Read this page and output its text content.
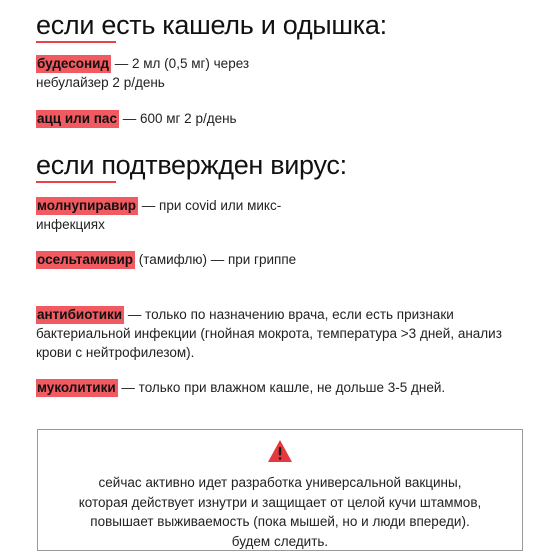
если есть кашель и одышка:
будесонид — 2 мл (0,5 мг) через небулайзер 2 р/день
ацц или пас — 600 мг 2 р/день
если подтвержден вирус:
молнупиравир — при covid или микс-инфекциях
осельтамивир (тамифлю) — при гриппе
антибиотики — только по назначению врача, если есть признаки бактериальной инфекции (гнойная мокрота, температура >3 дней, анализ крови с нейтрофилезом).
муколитики — только при влажном кашле, не дольше 3-5 дней.
сейчас активно идет разработка универсальной вакцины,
которая действует изнутри и защищает от целой кучи штаммов,
повышает выживаемость (пока мышей, но и люди впереди).
будем следить.
